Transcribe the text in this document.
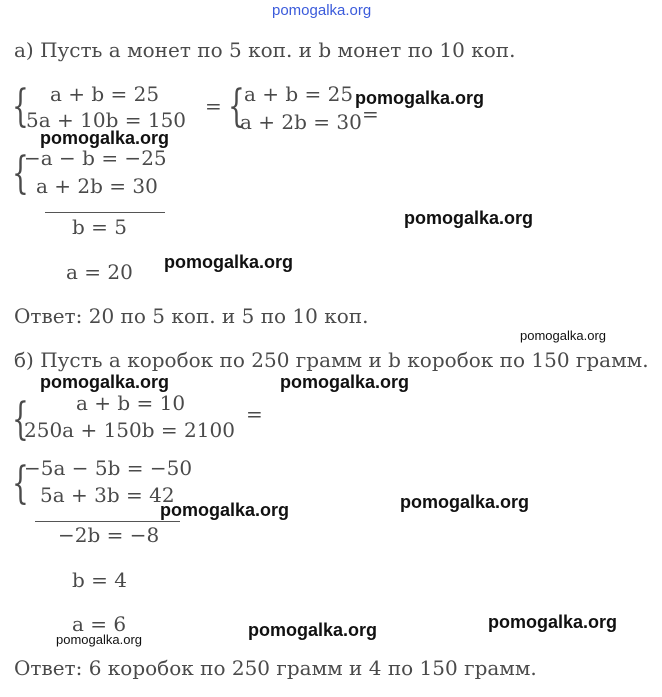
pomogalka.org
а) Пусть a монет по 5 коп. и b монет по 10 коп.
{ a + b = 25
5a + 10b = 150
= { a + b = 25
a + 2b = 30 =
{
−a − b = −25
a + 2b = 30
b = 5
a = 20
Ответ: 20 по 5 коп. и 5 по 10 коп.
б) Пусть a коробок по 250 грамм и b коробок по 150 грамм.
{ a + b = 10
250a + 150b = 2100
=
{
−5a − 5b = −50
5a + 3b = 42
−2b = −8
b = 4
a = 6
Ответ: 6 коробок по 250 грамм и 4 по 150 грамм.
pomogalka.org
pomogalka.org
pomogalka.org
pomogalka.org
pomogalka.org
pomogalka.org	pomogalka.org
pomogalka.org
pomogalka.org
pomogalka.org
pomogalka.org
pomogalka.org
